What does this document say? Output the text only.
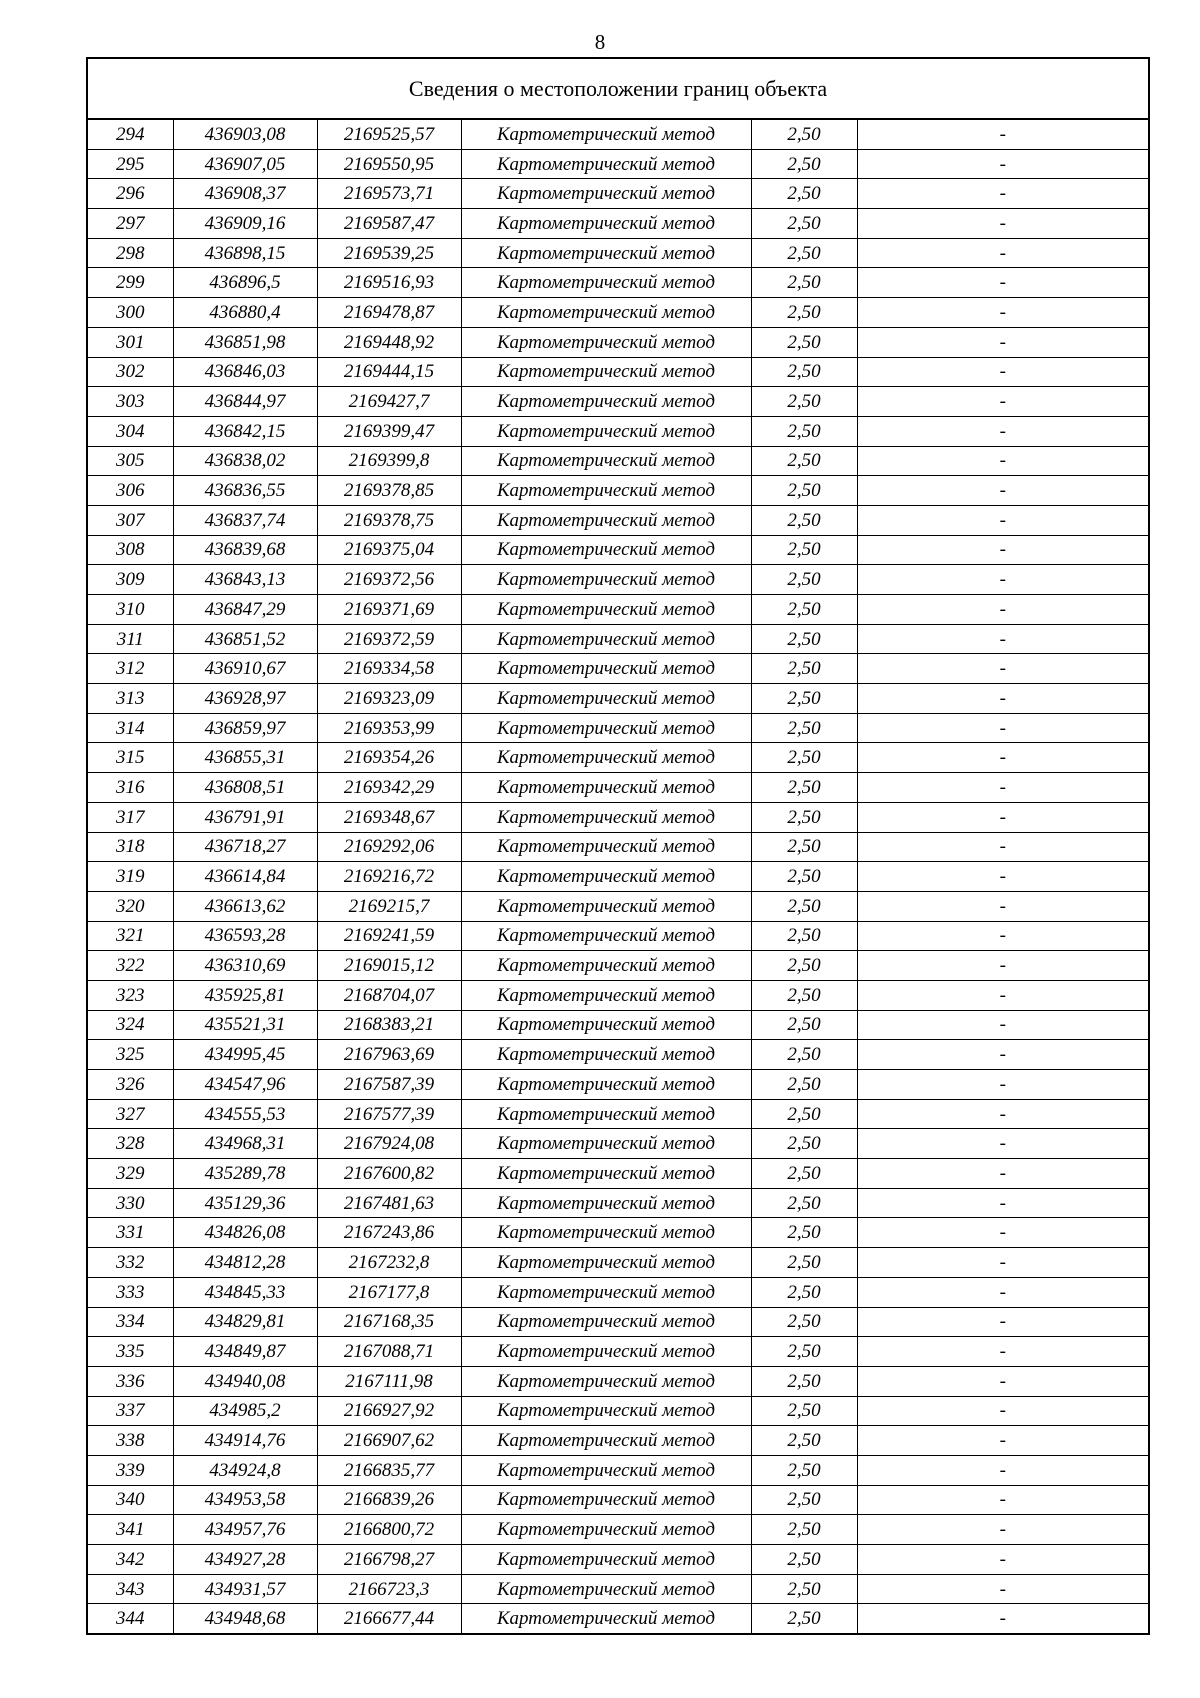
8
Сведения о местоположении границ объекта					
294	436903,08	2169525,57	Картометрический метод	2,50	-
295	436907,05	2169550,95	Картометрический метод	2,50	-
296	436908,37	2169573,71	Картометрический метод	2,50	-
297	436909,16	2169587,47	Картометрический метод	2,50	-
298	436898,15	2169539,25	Картометрический метод	2,50	-
299	436896,5	2169516,93	Картометрический метод	2,50	-
300	436880,4	2169478,87	Картометрический метод	2,50	-
301	436851,98	2169448,92	Картометрический метод	2,50	-
302	436846,03	2169444,15	Картометрический метод	2,50	-
303	436844,97	2169427,7	Картометрический метод	2,50	-
304	436842,15	2169399,47	Картометрический метод	2,50	-
305	436838,02	2169399,8	Картометрический метод	2,50	-
306	436836,55	2169378,85	Картометрический метод	2,50	-
307	436837,74	2169378,75	Картометрический метод	2,50	-
308	436839,68	2169375,04	Картометрический метод	2,50	-
309	436843,13	2169372,56	Картометрический метод	2,50	-
310	436847,29	2169371,69	Картометрический метод	2,50	-
311	436851,52	2169372,59	Картометрический метод	2,50	-
312	436910,67	2169334,58	Картометрический метод	2,50	-
313	436928,97	2169323,09	Картометрический метод	2,50	-
314	436859,97	2169353,99	Картометрический метод	2,50	-
315	436855,31	2169354,26	Картометрический метод	2,50	-
316	436808,51	2169342,29	Картометрический метод	2,50	-
317	436791,91	2169348,67	Картометрический метод	2,50	-
318	436718,27	2169292,06	Картометрический метод	2,50	-
319	436614,84	2169216,72	Картометрический метод	2,50	-
320	436613,62	2169215,7	Картометрический метод	2,50	-
321	436593,28	2169241,59	Картометрический метод	2,50	-
322	436310,69	2169015,12	Картометрический метод	2,50	-
323	435925,81	2168704,07	Картометрический метод	2,50	-
324	435521,31	2168383,21	Картометрический метод	2,50	-
325	434995,45	2167963,69	Картометрический метод	2,50	-
326	434547,96	2167587,39	Картометрический метод	2,50	-
327	434555,53	2167577,39	Картометрический метод	2,50	-
328	434968,31	2167924,08	Картометрический метод	2,50	-
329	435289,78	2167600,82	Картометрический метод	2,50	-
330	435129,36	2167481,63	Картометрический метод	2,50	-
331	434826,08	2167243,86	Картометрический метод	2,50	-
332	434812,28	2167232,8	Картометрический метод	2,50	-
333	434845,33	2167177,8	Картометрический метод	2,50	-
334	434829,81	2167168,35	Картометрический метод	2,50	-
335	434849,87	2167088,71	Картометрический метод	2,50	-
336	434940,08	2167111,98	Картометрический метод	2,50	-
337	434985,2	2166927,92	Картометрический метод	2,50	-
338	434914,76	2166907,62	Картометрический метод	2,50	-
339	434924,8	2166835,77	Картометрический метод	2,50	-
340	434953,58	2166839,26	Картометрический метод	2,50	-
341	434957,76	2166800,72	Картометрический метод	2,50	-
342	434927,28	2166798,27	Картометрический метод	2,50	-
343	434931,57	2166723,3	Картометрический метод	2,50	-
344	434948,68	2166677,44	Картометрический метод	2,50	-
